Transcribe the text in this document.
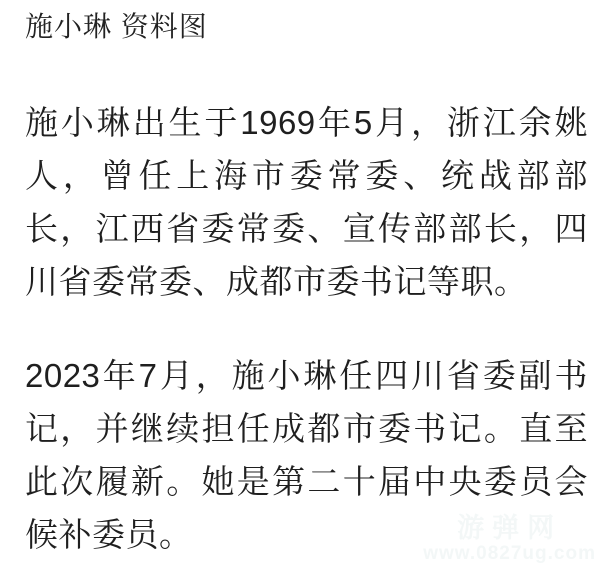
施小琳 资料图

施小琳出生于1969年5月，浙江余姚人，曾任上海市委常委、统战部部长，江西省委常委、宣传部部长，四川省委常委、成都市委书记等职。

2023年7月，施小琳任四川省委副书记，并继续担任成都市委书记。直至此次履新。她是第二十届中央委员会候补委员。	游弹网
www.0827ug.com
